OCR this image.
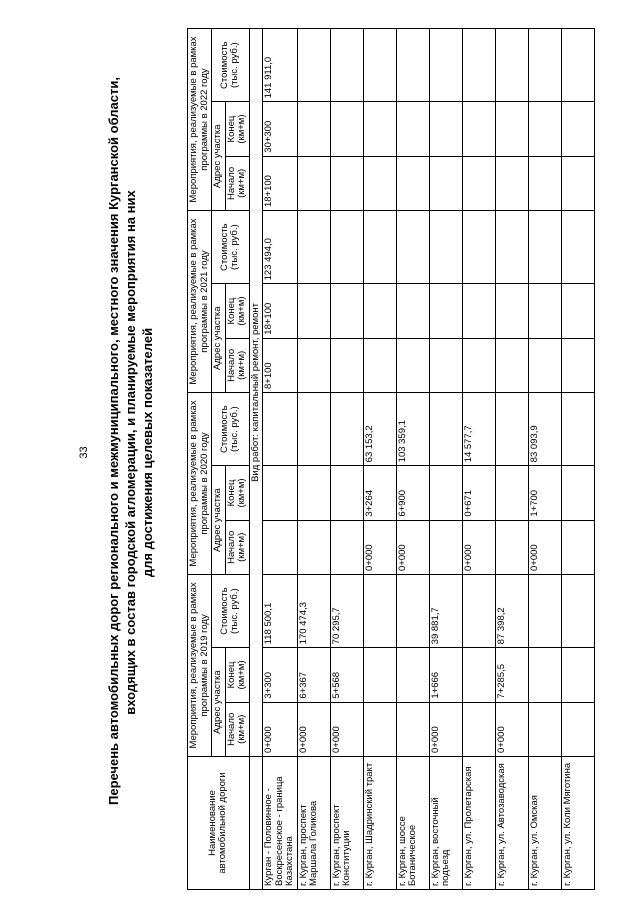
33 Перечень автомобильных дорог регионального и межмуниципального, местного значения Курганской области, входящих в состав городской агломерации, и планируемые мероприятия на них для достижения целевых показателей
Наименование автомобильной дороги	Мероприятия, реализуемые в рамках программы в 2019 году			Мероприятия, реализуемые в рамках программы в 2020 году			Мероприятия, реализуемые в рамках программы в 2021 году			Мероприятия, реализуемые в рамках программы в 2022 году		
	Адрес участка		Стоимость (тыс. руб.)	Адрес участка		Стоимость (тыс. руб.)	Адрес участка		Стоимость (тыс. руб.)	Адрес участка		Стоимость (тыс. руб.)
	Начало (км+м)	Конец (км+м)		Начало (км+м)	Конец (км+м)		Начало (км+м)	Конец (км+м)		Начало (км+м)	Конец (км+м)	
	Вид работ: капитальный ремонт, ремонт											
Курган - Половинное - Воскресенское - граница Казахстана	0+000	3+300	118 500,1				8+100	18+100	123 494,0	18+100	30+300	141 911,0
г. Курган, проспект Маршала Голикова	0+000	6+367	170 474,3									
г. Курган, проспект Конституции	0+000	5+568	70 295,7									
г. Курган, Шадринский тракт				0+000	3+264	63 153,2						
г. Курган, шоссе Ботаническое				0+000	6+900	103 359,1						
г. Курган, восточный подъезд	0+000	1+666	39 881,7									
г. Курган, ул. Пролетарская				0+000	0+671	14 577,7						
г. Курган, ул. Автозаводская	0+000	7+285,5	87 398,2									
г. Курган, ул. Омская				0+000	1+700	83 093,9						
г. Курган, ул. Коли Мяготина												
